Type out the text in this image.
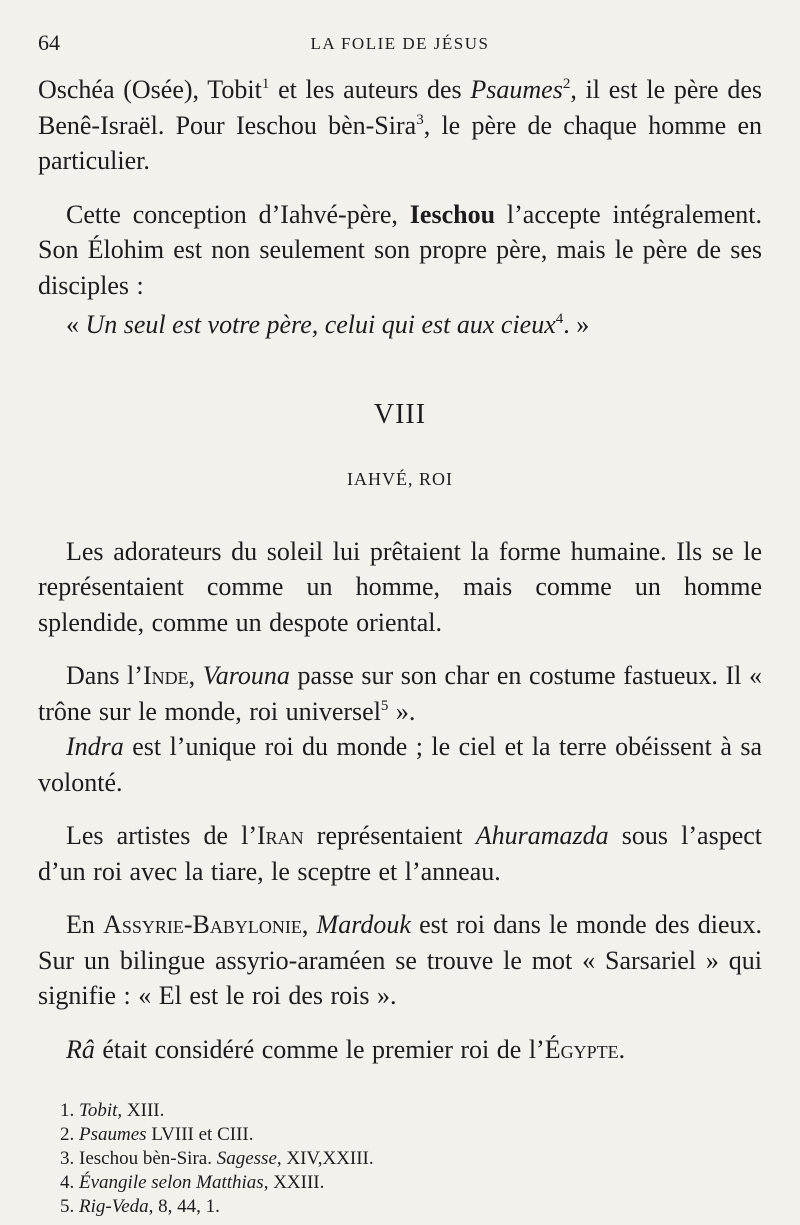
64	LA FOLIE DE JÉSUS

Oschéa (Osée), Tobit$^1$ et les auteurs des Psaumes$^2$, il est le père des Benê-Israël. Pour Ieschou bèn-Sira$^3$, le père de chaque homme en particulier.

Cette conception d’Iahvé-père, Ieschou l’accepte intégralement. Son Élohim est non seulement son propre père, mais le père de ses disciples :

« Un seul est votre père, celui qui est aux cieux$^4$. »

VIII
IAHVÉ, ROI

Les adorateurs du soleil lui prêtaient la forme humaine. Ils se le représentaient comme un homme, mais comme un homme splendide, comme un despote oriental.

Dans l’Inde, Varouna passe sur son char en costume fastueux. Il « trône sur le monde, roi universel$^5$ ».

Indra est l’unique roi du monde ; le ciel et la terre obéissent à sa volonté.

Les artistes de l’Iran représentaient Ahuramazda sous l’aspect d’un roi avec la tiare, le sceptre et l’anneau.

En Assyrie-Babylonie, Mardouk est roi dans le monde des dieux. Sur un bilingue assyrio-araméen se trouve le mot « Sarsariel » qui signifie : « El est le roi des rois ».

Râ était considéré comme le premier roi de l’Égypte.

1. Tobit, XIII.
2. Psaumes LVIII et CIII.
3. Ieschou bèn-Sira. Sagesse, XIV,XXIII.
4. Évangile selon Matthias, XXIII.
5. Rig-Veda, 8, 44, 1.
